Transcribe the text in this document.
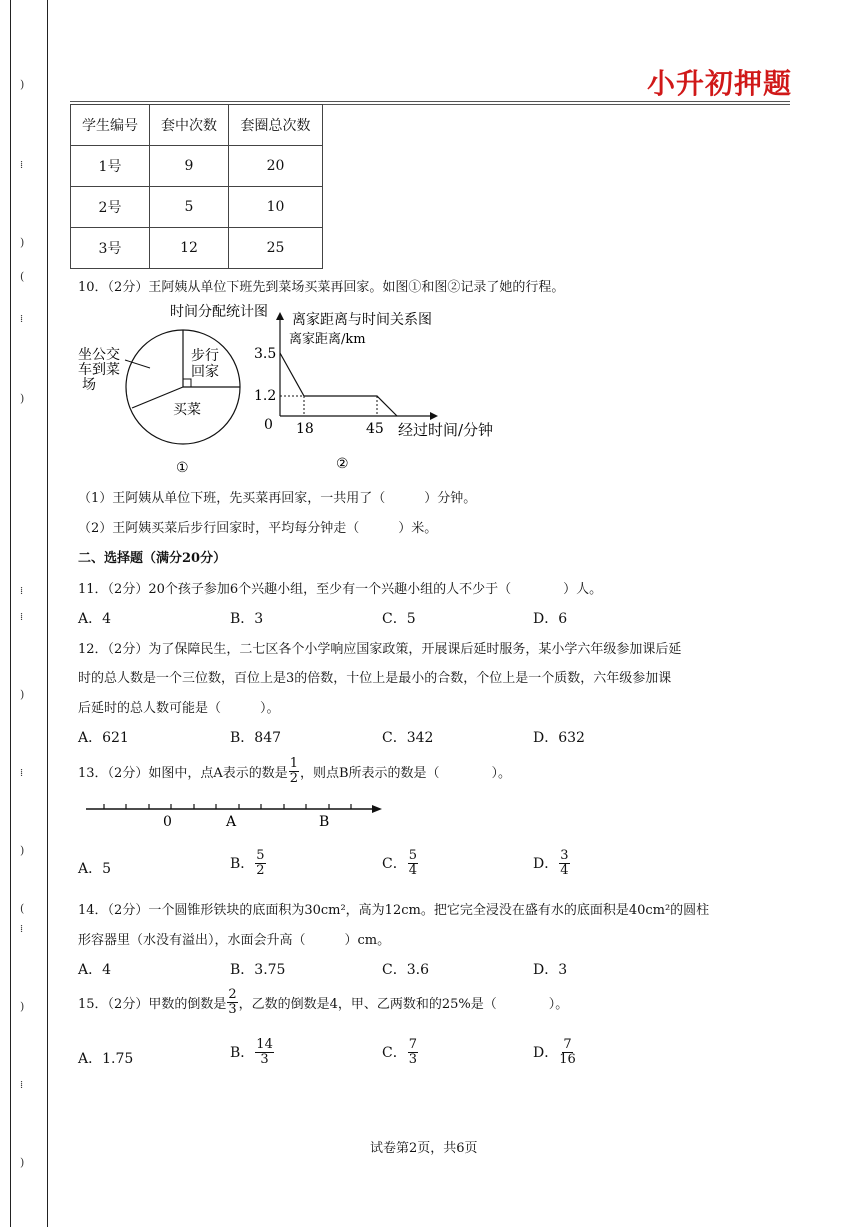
)
⁞
)
(
⁞
)
⁞
⁞
)
⁞
)
(
⁞
)
⁞
)
小升初押题
学生编号	套中次数	套圈总次数
1号	9	20
2号	5	10
3号	12	25
10．（2分）王阿姨从单位下班先到菜场买菜再回家。如图①和图②记录了她的行程。
时间分配统计图
坐公交
车到菜
场
步行
回家
买菜
①
离家距离与时间关系图
离家距离/km
3.5
1.2
0 18	45 经过时间/分钟
②
（1）王阿姨从单位下班，先买菜再回家，一共用了（　　　）分钟。
（2）王阿姨买菜后步行回家时，平均每分钟走（　　　）米。
二、选择题（满分20分）
11．（2分）20个孩子参加6个兴趣小组，至少有一个兴趣小组的人不少于（　　　　）人。
A．4	B．3	C．5	D．6
12．（2分）为了保障民生，二七区各个小学响应国家政策，开展课后延时服务，某小学六年级参加课后延
时的总人数是一个三位数，百位上是3的倍数，十位上是最小的合数，个位上是一个质数，六年级参加课
后延时的总人数可能是（　　　）。
A．621	B．847	C．342	D．632
13．（2分）如图中，点A表示的数是 $\frac{1}{2}$ ，则点B所表示的数是（　　　　）。
0	A	B
A．5	B． $\frac{5}{2}$	C． $\frac{5}{4}$	D． $\frac{3}{4}$
14．（2分）一个圆锥形铁块的底面积为30cm²，高为12cm。把它完全浸没在盛有水的底面积是40cm²的圆柱
形容器里（水没有溢出），水面会升高（　　　）cm。
A．4	B．3.75	C．3.6	D．3
15．（2分）甲数的倒数是 $\frac{2}{3}$ ，乙数的倒数是4，甲、乙两数和的25%是（　　　　）。
A．1.75	B． $\frac{14}{3}$	C． $\frac{7}{3}$	D． $\frac{7}{16}$
试卷第2页，共6页
